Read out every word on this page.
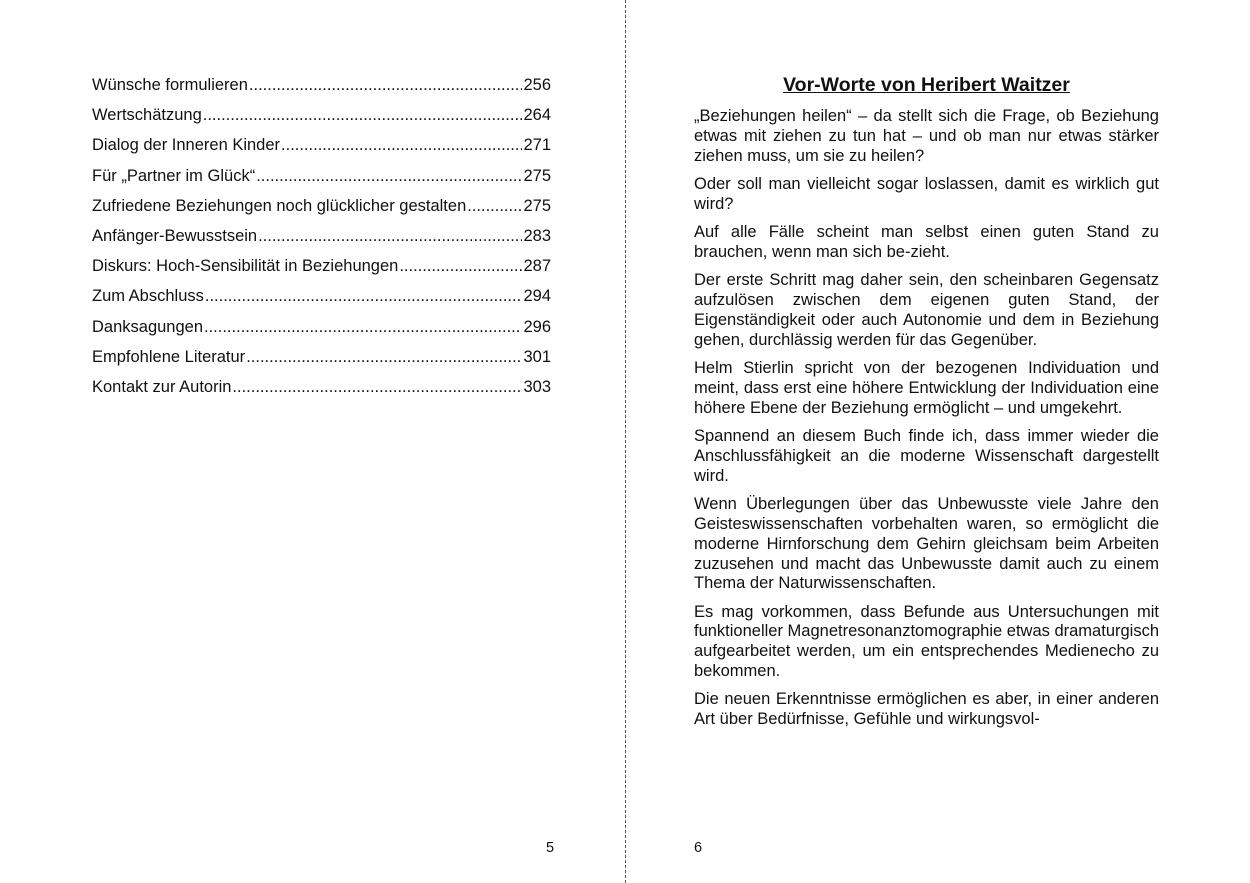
Wünsche formulieren .....	256
Wertschätzung .....	264
Dialog der Inneren Kinder .....	271
Für „Partner im Glück“ .....	275
Zufriedene Beziehungen noch glücklicher gestalten .....	275
Anfänger-Bewusstsein .....	283
Diskurs: Hoch-Sensibilität in Beziehungen .....	287
Zum Abschluss .....	294
Danksagungen .....	296
Empfohlene Literatur .....	301
Kontakt zur Autorin .....	303
5
Vor-Worte von Heribert Waitzer

„Beziehungen heilen“ – da stellt sich die Frage, ob Beziehung etwas mit ziehen zu tun hat – und ob man nur etwas stärker ziehen muss, um sie zu heilen?

Oder soll man vielleicht sogar loslassen, damit es wirklich gut wird?

Auf alle Fälle scheint man selbst einen guten Stand zu brauchen, wenn man sich be-zieht.

Der erste Schritt mag daher sein, den scheinbaren Gegensatz aufzulösen zwischen dem eigenen guten Stand, der Eigenständigkeit oder auch Autonomie und dem in Beziehung gehen, durchlässig werden für das Gegenüber.

Helm Stierlin spricht von der bezogenen Individuation und meint, dass erst eine höhere Entwicklung der Individuation eine höhere Ebene der Beziehung ermöglicht – und umgekehrt.

Spannend an diesem Buch finde ich, dass immer wieder die Anschlussfähigkeit an die moderne Wissenschaft dargestellt wird.

Wenn Überlegungen über das Unbewusste viele Jahre den Geisteswissenschaften vorbehalten waren, so ermöglicht die moderne Hirnforschung dem Gehirn gleichsam beim Arbeiten zuzusehen und macht das Unbewusste damit auch zu einem Thema der Naturwissenschaften.

Es mag vorkommen, dass Befunde aus Untersuchungen mit funktioneller Magnetresonanztomographie etwas dramaturgisch aufgearbeitet werden, um ein entsprechendes Medienecho zu bekommen.

Die neuen Erkenntnisse ermöglichen es aber, in einer anderen Art über Bedürfnisse, Gefühle und wirkungsvol-

6
